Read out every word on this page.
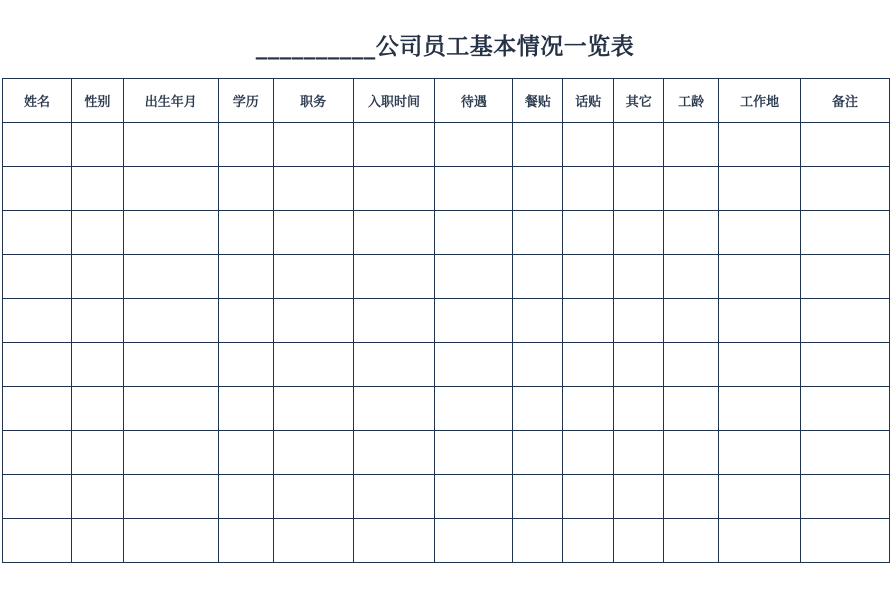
__________公司员工基本情况一览表
姓名	性别	出生年月	学历	职务	入职时间	待遇	餐贴	话贴	其它	工龄	工作地	备注
